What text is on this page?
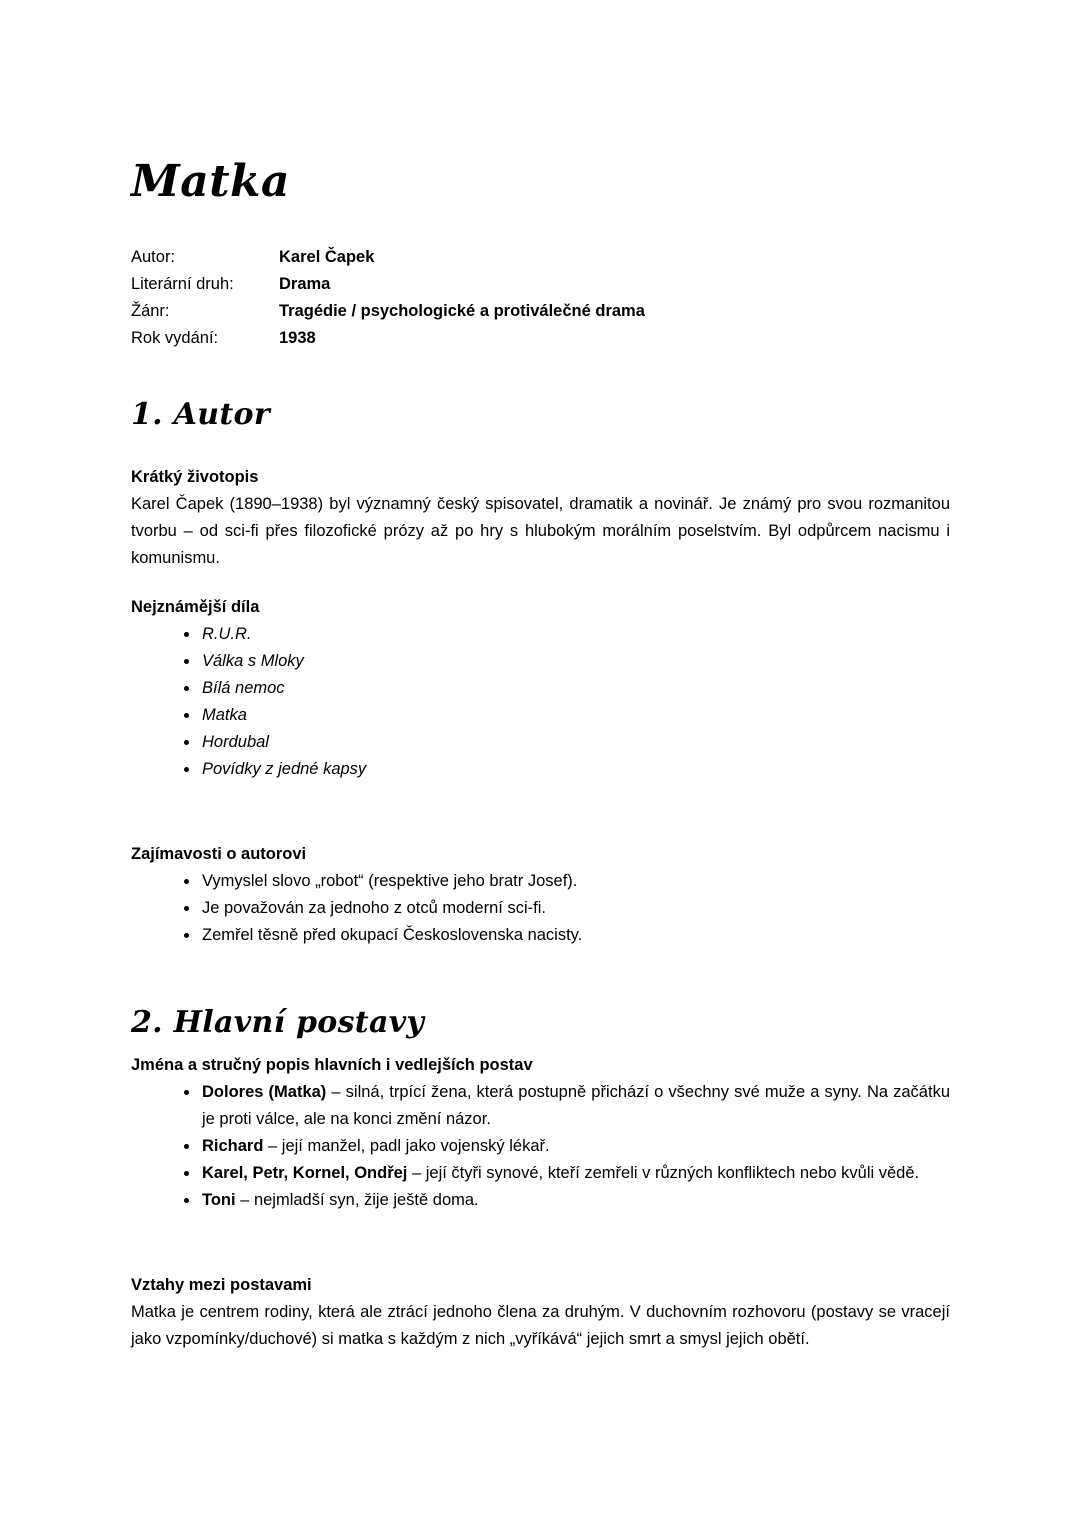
Matka
Autor:	Karel Čapek
Literární druh:	Drama
Žánr:	Tragédie / psychologické a protiválečné drama
Rok vydání:	1938
1. Autor
Krátký životopis

Karel Čapek (1890–1938) byl významný český spisovatel, dramatik a novinář. Je známý pro svou rozmanitou tvorbu – od sci-fi přes filozofické prózy až po hry s hlubokým morálním poselstvím. Byl odpůrcem nacismu i komunismu.

Nejznámější díla
• R.U.R.
• Válka s Mloky
• Bílá nemoc
• Matka
• Hordubal
• Povídky z jedné kapsy
Zajímavosti o autorovi
• Vymyslel slovo „robot“ (respektive jeho bratr Josef).
• Je považován za jednoho z otců moderní sci-fi.
• Zemřel těsně před okupací Československa nacisty.
2. Hlavní postavy
Jména a stručný popis hlavních i vedlejších postav
• Dolores (Matka) – silná, trpící žena, která postupně přichází o všechny své muže a syny. Na začátku je proti válce, ale na konci změní názor.
• Richard – její manžel, padl jako vojenský lékař.
• Karel, Petr, Kornel, Ondřej – její čtyři synové, kteří zemřeli v různých konfliktech nebo kvůli vědě.
• Toni – nejmladší syn, žije ještě doma.
Vztahy mezi postavami

Matka je centrem rodiny, která ale ztrácí jednoho člena za druhým. V duchovním rozhovoru (postavy se vracejí jako vzpomínky/duchové) si matka s každým z nich „vyříkává“ jejich smrt a smysl jejich obětí.
